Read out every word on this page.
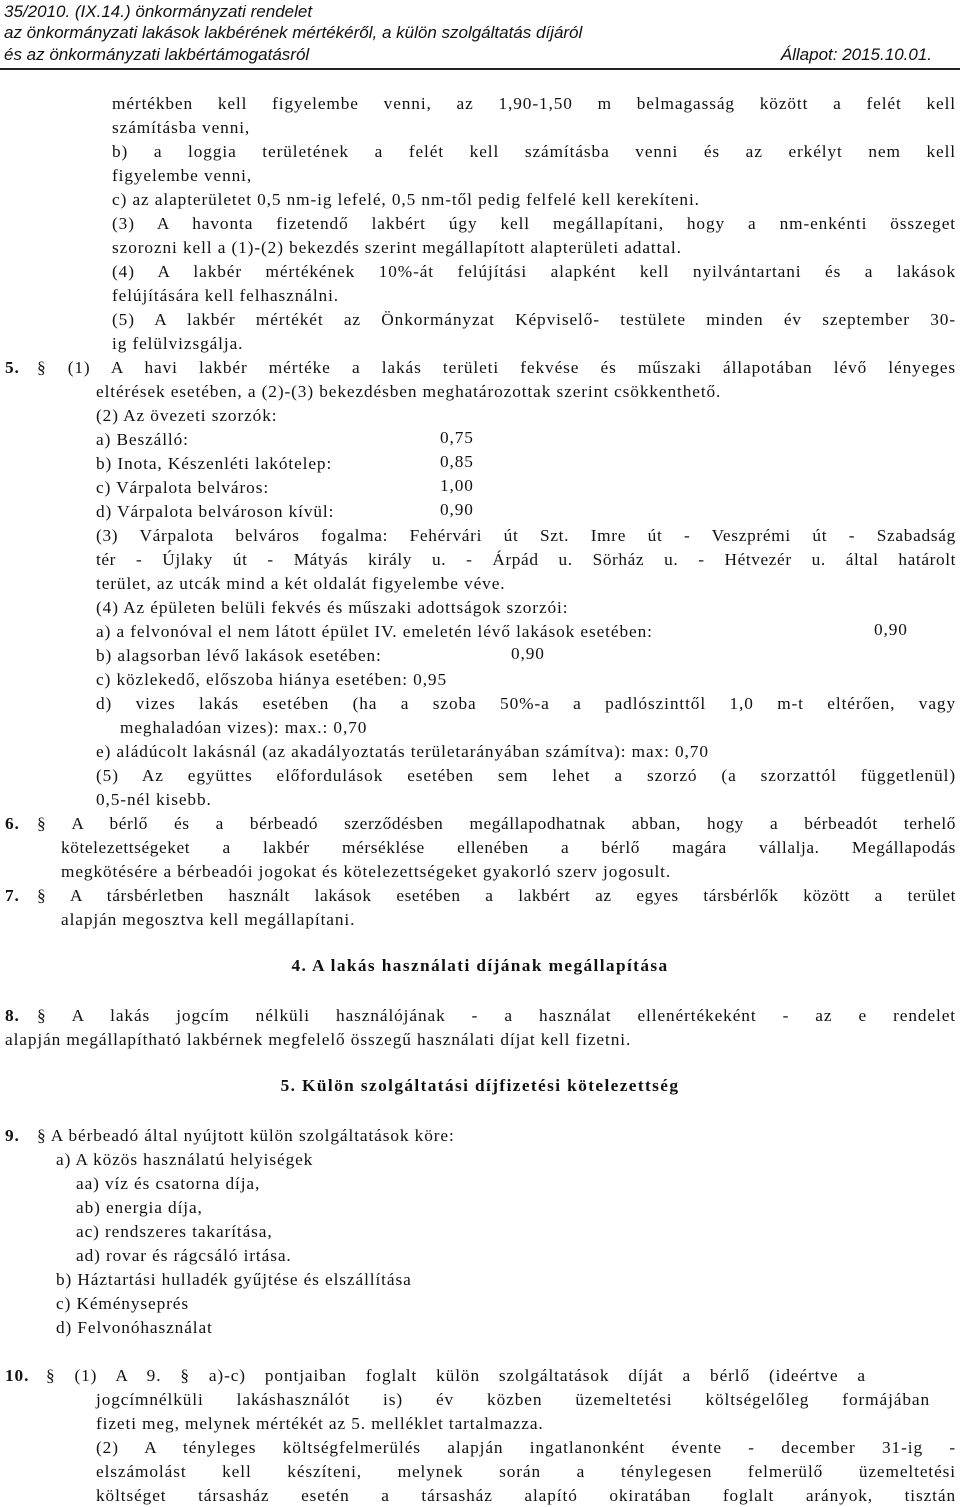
35/2010. (IX.14.) önkormányzati rendelet
az önkormányzati lakások lakbérének mértékéről, a külön szolgáltatás díjáról
és az önkormányzati lakbértámogatásról	Állapot: 2015.10.01.
mértékben kell figyelembe venni, az 1,90-1,50 m belmagasság között a felét kell
számításba venni,
b) a loggia területének a felét kell számításba venni és az erkélyt nem kell
figyelembe venni,
c) az alapterületet 0,5 nm-ig lefelé, 0,5 nm-től pedig felfelé kell kerekíteni.
(3) A havonta fizetendő lakbért úgy kell megállapítani, hogy a nm-enkénti összeget
szorozni kell a (1)-(2) bekezdés szerint megállapított alapterületi adattal.
(4) A lakbér mértékének 10%-át felújítási alapként kell nyilvántartani és a lakások
felújítására kell felhasználni.
(5) A lakbér mértékét az Önkormányzat Képviselő- testülete minden év szeptember 30-
ig felülvizsgálja.
5. § (1) A havi lakbér mértéke a lakás területi fekvése és műszaki állapotában lévő lényeges
eltérések esetében, a (2)-(3) bekezdésben meghatározottak szerint csökkenthető.
(2) Az övezeti szorzók:
a) Beszálló:	0,75
b) Inota, Készenléti lakótelep:	0,85
c) Várpalota belváros:	1,00
d) Várpalota belvároson kívül:	0,90
(3) Várpalota belváros fogalma: Fehérvári út Szt. Imre út - Veszprémi út - Szabadság
tér - Újlaky út - Mátyás király u. - Árpád u. Sörház u. - Hétvezér u. által határolt
terület, az utcák mind a két oldalát figyelembe véve.
(4) Az épületen belüli fekvés és műszaki adottságok szorzói:
a) a felvonóval el nem látott épület IV. emeletén lévő lakások esetében:	0,90
b) alagsorban lévő lakások esetében:	0,90
c) közlekedő, előszoba hiánya esetében: 0,95
d) vizes lakás esetében (ha a szoba 50%-a a padlószinttől 1,0 m-t eltérően, vagy
meghaladóan vizes): max.: 0,70
e) aládúcolt lakásnál (az akadályoztatás területarányában számítva): max: 0,70
(5) Az együttes előfordulások esetében sem lehet a szorzó (a szorzattól függetlenül)
0,5-nél kisebb.
6. § A bérlő és a bérbeadó szerződésben megállapodhatnak abban, hogy a bérbeadót terhelő
kötelezettségeket a lakbér mérséklése ellenében a bérlő magára vállalja. Megállapodás
megkötésére a bérbeadói jogokat és kötelezettségeket gyakorló szerv jogosult.
7. § A társbérletben használt lakások esetében a lakbért az egyes társbérlők között a terület
alapján megosztva kell megállapítani.
4. A lakás használati díjának megállapítása
8. § A lakás jogcím nélküli használójának - a használat ellenértékeként - az e rendelet
alapján megállapítható lakbérnek megfelelő összegű használati díjat kell fizetni.
5. Külön szolgáltatási díjfizetési kötelezettség
9. § A bérbeadó által nyújtott külön szolgáltatások köre:
a) A közös használatú helyiségek
aa) víz és csatorna díja,
ab) energia díja,
ac) rendszeres takarítása,
ad) rovar és rágcsáló irtása.
b) Háztartási hulladék gyűjtése és elszállítása
c) Kéményseprés
d) Felvonóhasználat
10. § (1) A 9. § a)-c) pontjaiban foglalt külön szolgáltatások díját a bérlő (ideértve a
jogcímnélküli lakáshasználót is) év közben üzemeltetési költségelőleg formájában
fizeti meg, melynek mértékét az 5. melléklet tartalmazza.
(2) A tényleges költségfelmerülés alapján ingatlanonként évente - december 31-ig -
elszámolást kell készíteni, melynek során a ténylegesen felmerülő üzemeltetési
költséget társasház esetén a társasház alapító okiratában foglalt arányok, tisztán
